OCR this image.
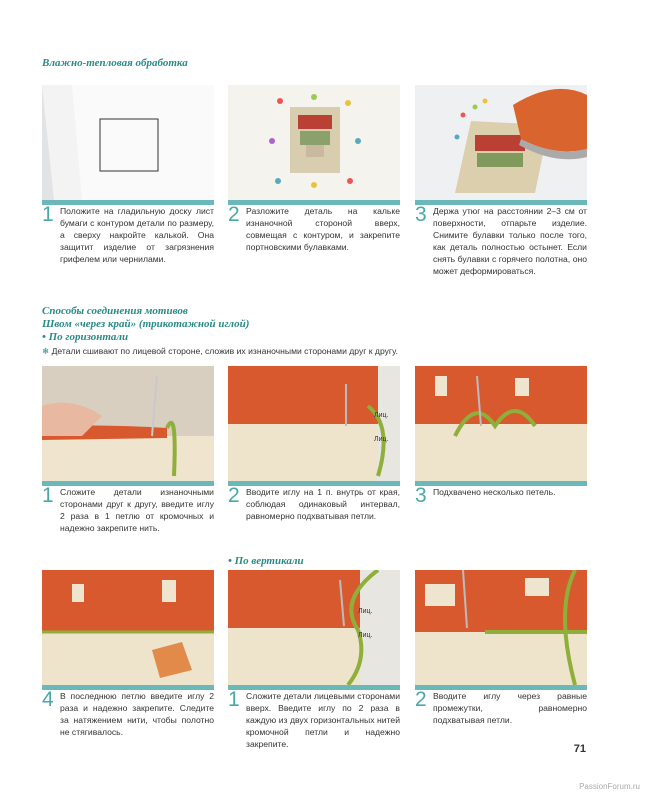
Влажно-тепловая обработка
1 Положите на гладильную доску лист бумаги с контуром детали по размеру, а сверху накройте калькой. Она защитит изделие от загрязнения грифелем или чернилами.
2 Разложите деталь на кальке изнаночной стороной вверх, совмещая с контуром, и закрепите портновскими булавками.
3 Держа утюг на расстоянии 2–3 см от поверхности, отпарьте изделие. Снимите булавки только после того, как деталь полностью остынет. Если снять булавки с горячего полотна, оно может деформироваться.
Способы соединения мотивов
Швом «через край» (трикотажной иглой)
• По горизонтали
❄ Детали сшивают по лицевой стороне, сложив их изнаночными сторонами друг к другу.
Лиц.
Лиц.
1 Сложите детали изнаночными сторонами друг к другу, введите иглу 2 раза в 1 петлю от кромочных и надежно закрепите нить.
2 Вводите иглу на 1 п. внутрь от края, соблюдая одинаковый интервал, равномерно подхватывая петли.
3 Подхвачено несколько петель.
• По вертикали
Лиц.
Лиц.
4 В последнюю петлю введите иглу 2 раза и надежно закрепите. Следите за натяжением нити, чтобы полотно не стягивалось.
1 Сложите детали лицевыми сторонами вверх. Введите иглу по 2 раза в каждую из двух горизонтальных нитей кромочной петли и надежно закрепите.
2 Вводите иглу через равные промежутки, равномерно подхватывая петли.
71
PassionForum.ru
